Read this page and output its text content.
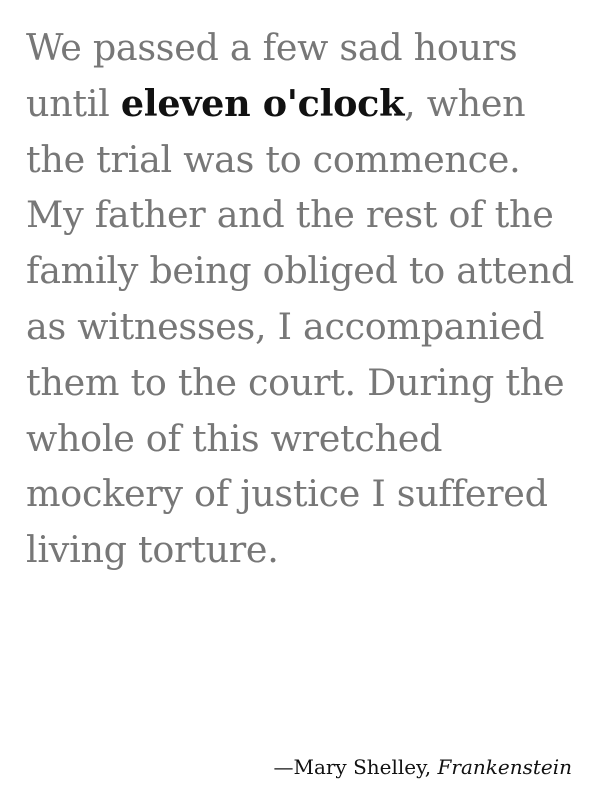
We passed a few sad hours until eleven o'clock, when the trial was to commence. My father and the rest of the family being obliged to attend as witnesses, I accompanied them to the court. During the whole of this wretched mockery of justice I suffered living torture.

—Mary Shelley, Frankenstein
